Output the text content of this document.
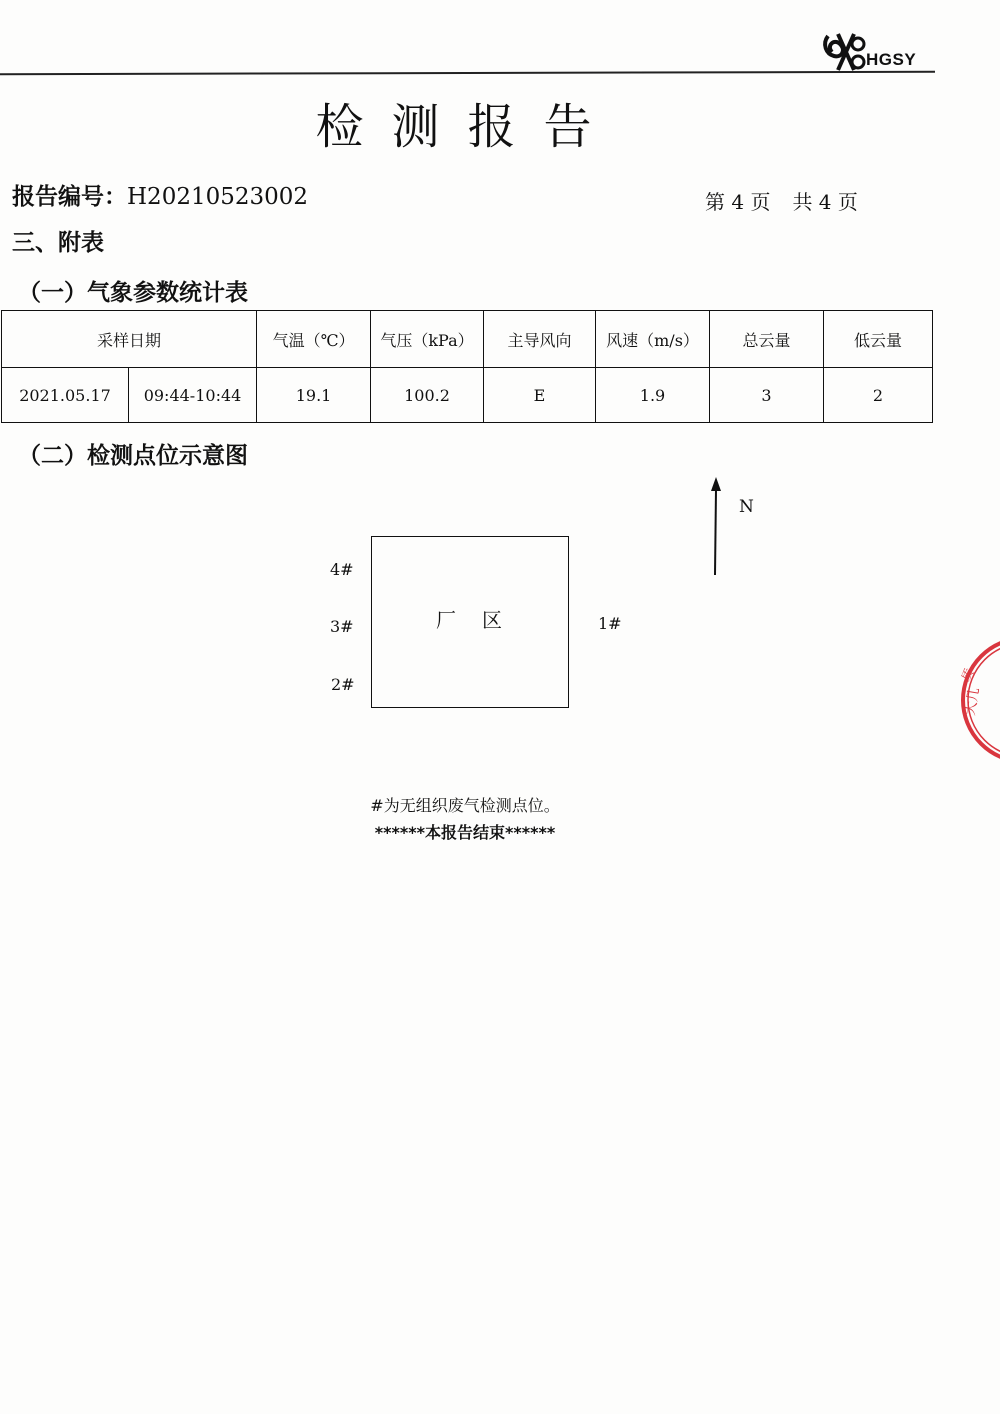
HGSY
检测报告
报告编号：H20210523002	第 4 页 共 4 页
三、附表
（一）气象参数统计表
采样日期		气温（℃）	气压（kPa）	主导风向	风速（m/s）	总云量	低云量
2021.05.17	09:44-10:44	19.1	100.2	E	1.9	3	2
（二）检测点位示意图
厂区
4#
3#
2#
1#
N
#为无组织废气检测点位。
******本报告结束******
质
大几
